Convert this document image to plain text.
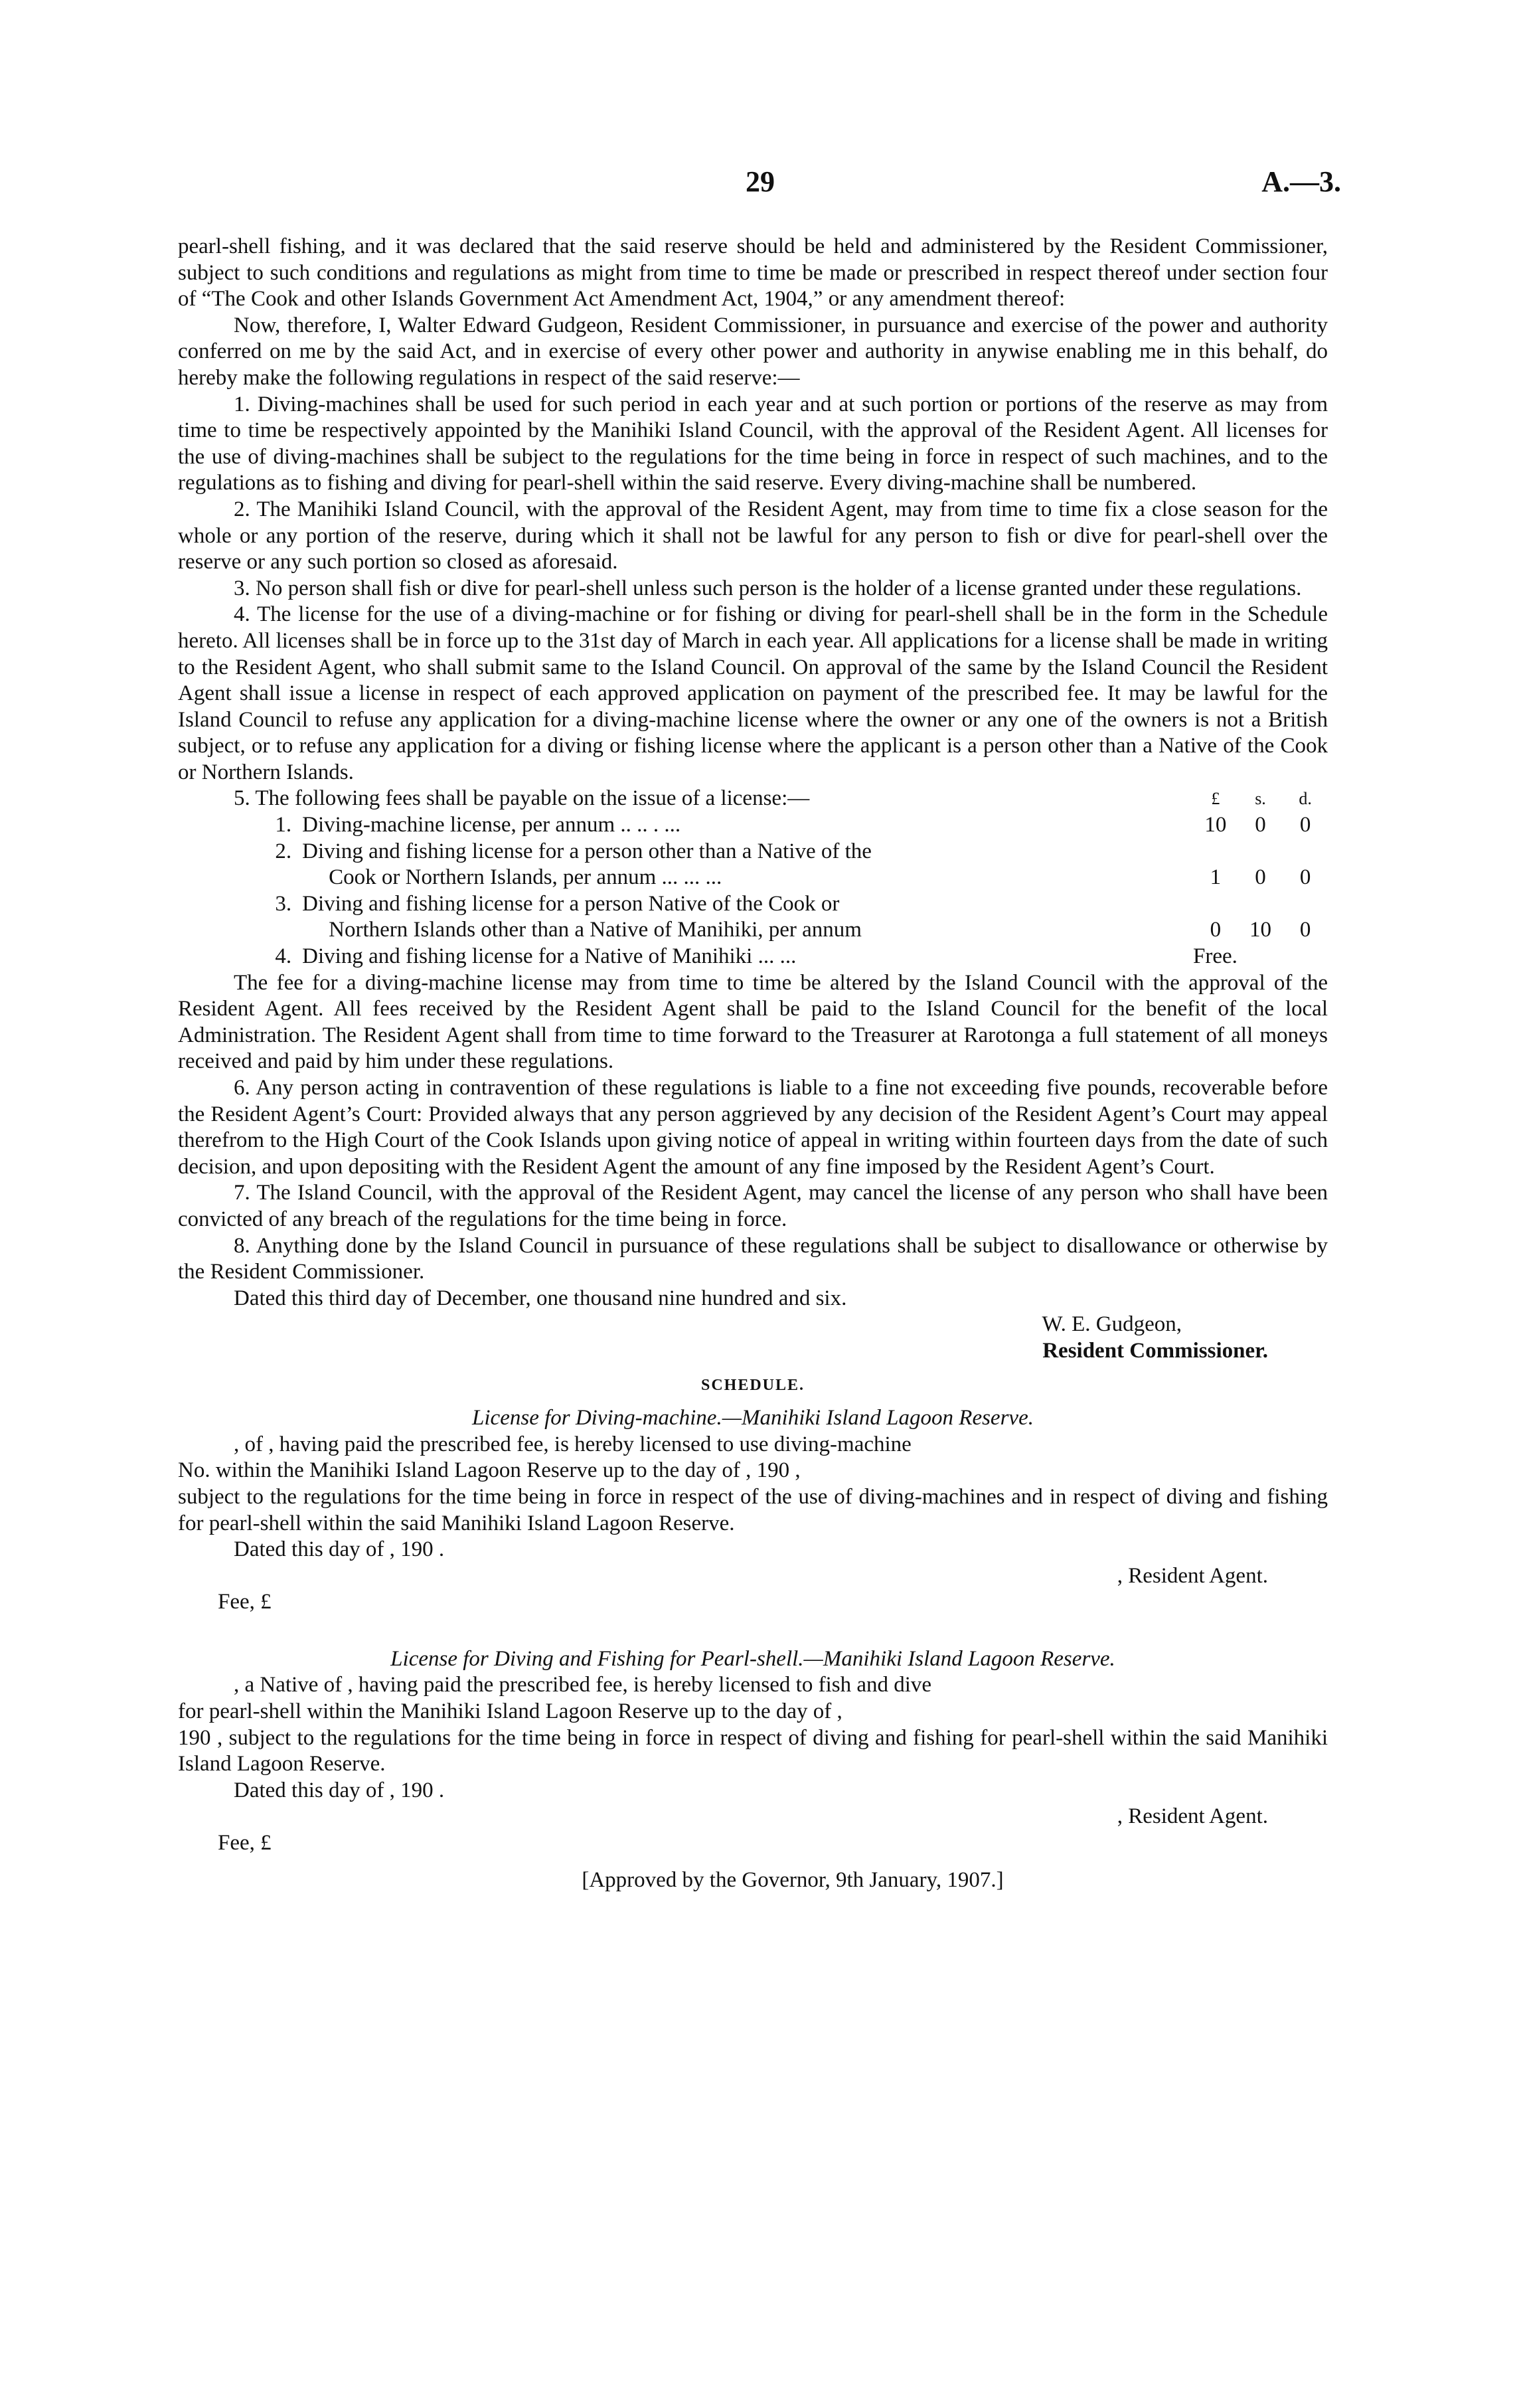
29	A.—3.

pearl-shell fishing, and it was declared that the said reserve should be held and administered by the Resident Commissioner, subject to such conditions and regulations as might from time to time be made or prescribed in respect thereof under section four of “The Cook and other Islands Government Act Amendment Act, 1904,” or any amendment thereof:

Now, therefore, I, Walter Edward Gudgeon, Resident Commissioner, in pursuance and exercise of the power and authority conferred on me by the said Act, and in exercise of every other power and authority in anywise enabling me in this behalf, do hereby make the following regulations in respect of the said reserve:—

1. Diving-machines shall be used for such period in each year and at such portion or portions of the reserve as may from time to time be respectively appointed by the Manihiki Island Council, with the approval of the Resident Agent. All licenses for the use of diving-machines shall be subject to the regulations for the time being in force in respect of such machines, and to the regulations as to fishing and diving for pearl-shell within the said reserve. Every diving-machine shall be numbered.

2. The Manihiki Island Council, with the approval of the Resident Agent, may from time to time fix a close season for the whole or any portion of the reserve, during which it shall not be lawful for any person to fish or dive for pearl-shell over the reserve or any such portion so closed as aforesaid.

3. No person shall fish or dive for pearl-shell unless such person is the holder of a license granted under these regulations.

4. The license for the use of a diving-machine or for fishing or diving for pearl-shell shall be in the form in the Schedule hereto. All licenses shall be in force up to the 31st day of March in each year. All applications for a license shall be made in writing to the Resident Agent, who shall submit same to the Island Council. On approval of the same by the Island Council the Resident Agent shall issue a license in respect of each approved application on payment of the prescribed fee. It may be lawful for the Island Council to refuse any application for a diving-machine license where the owner or any one of the owners is not a British subject, or to refuse any application for a diving or fishing license where the applicant is a person other than a Native of the Cook or Northern Islands.

5. The following fees shall be payable on the issue of a license:—		£	s.	d.
1.	Diving-machine license, per annum .. .. . ...	10	0	0
2.	Diving and fishing license for a person other than a Native of the			
	Cook or Northern Islands, per annum ... ... ...	1	0	0
3.	Diving and fishing license for a person Native of the Cook or			
	Northern Islands other than a Native of Manihiki, per annum	0	10	0
4.	Diving and fishing license for a Native of Manihiki ... ...	Free.		

The fee for a diving-machine license may from time to time be altered by the Island Council with the approval of the Resident Agent. All fees received by the Resident Agent shall be paid to the Island Council for the benefit of the local Administration. The Resident Agent shall from time to time forward to the Treasurer at Rarotonga a full statement of all moneys received and paid by him under these regulations.

6. Any person acting in contravention of these regulations is liable to a fine not exceeding five pounds, recoverable before the Resident Agent’s Court: Provided always that any person aggrieved by any decision of the Resident Agent’s Court may appeal therefrom to the High Court of the Cook Islands upon giving notice of appeal in writing within fourteen days from the date of such decision, and upon depositing with the Resident Agent the amount of any fine imposed by the Resident Agent’s Court.

7. The Island Council, with the approval of the Resident Agent, may cancel the license of any person who shall have been convicted of any breach of the regulations for the time being in force.

8. Anything done by the Island Council in pursuance of these regulations shall be subject to disallowance or otherwise by the Resident Commissioner.

Dated this third day of December, one thousand nine hundred and six.

W. E. Gudgeon,

Resident Commissioner.

SCHEDULE.
License for Diving-machine.—Manihiki Island Lagoon Reserve.

, of , having paid the prescribed fee, is hereby licensed to use diving-machine

No. within the Manihiki Island Lagoon Reserve up to the day of , 190 ,

subject to the regulations for the time being in force in respect of the use of diving-machines and in respect of diving and fishing for pearl-shell within the said Manihiki Island Lagoon Reserve.

Dated this day of , 190 .

, Resident Agent.

Fee, £

License for Diving and Fishing for Pearl-shell.—Manihiki Island Lagoon Reserve.

, a Native of , having paid the prescribed fee, is hereby licensed to fish and dive

for pearl-shell within the Manihiki Island Lagoon Reserve up to the day of ,

190 , subject to the regulations for the time being in force in respect of diving and fishing for pearl-shell within the said Manihiki Island Lagoon Reserve.

Dated this day of , 190 .

, Resident Agent.

Fee, £

[Approved by the Governor, 9th January, 1907.]
